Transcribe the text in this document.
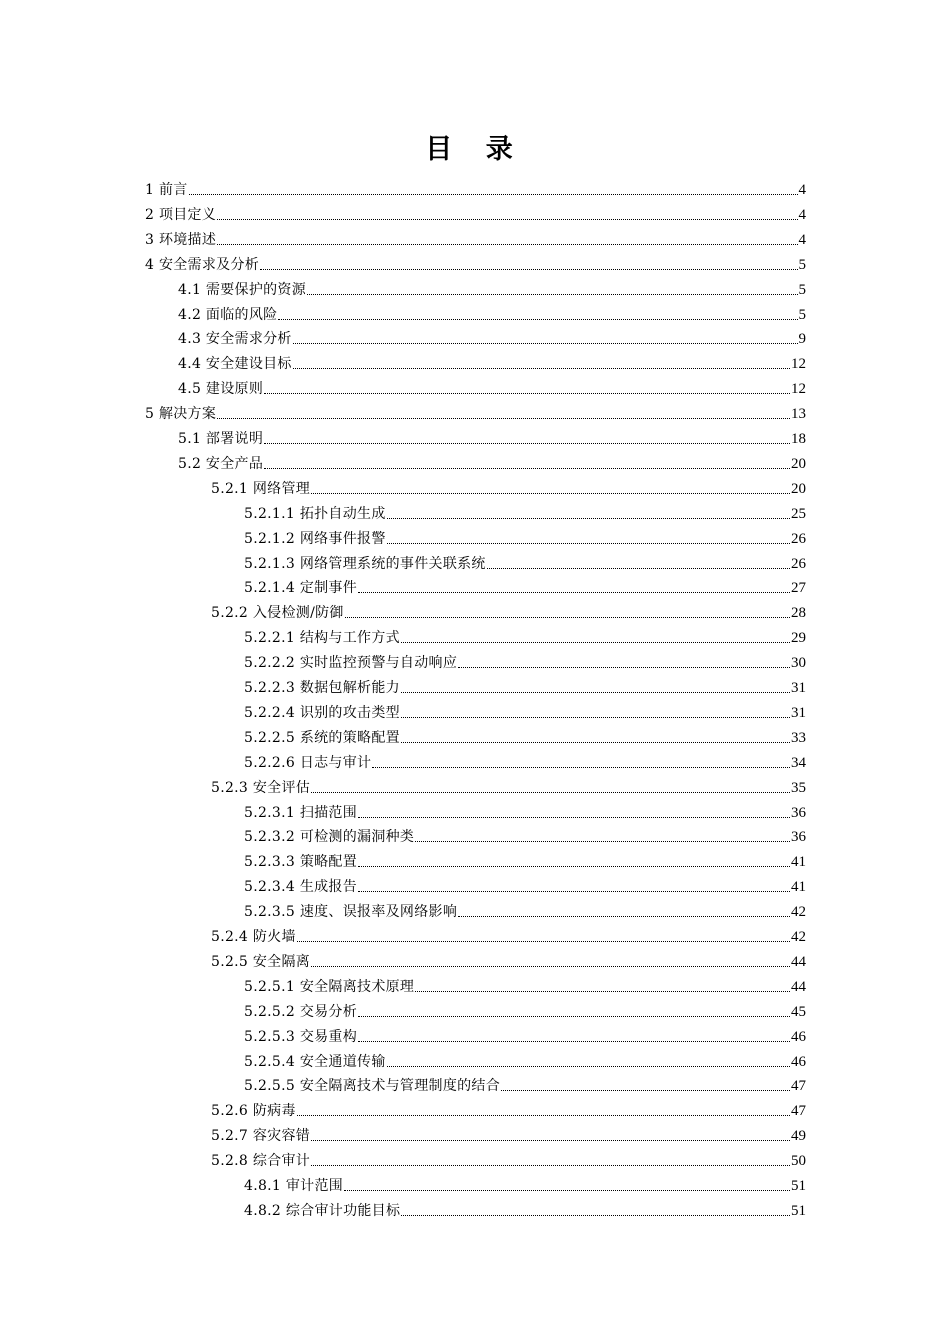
目 录
1 前言	4
2 项目定义	4
3 环境描述	4
4 安全需求及分析	5
4.1 需要保护的资源	5
4.2 面临的风险	5
4.3 安全需求分析	9
4.4 安全建设目标	12
4.5 建设原则	12
5 解决方案	13
5.1 部署说明	18
5.2 安全产品	20
5.2.1 网络管理	20
5.2.1.1 拓扑自动生成	25
5.2.1.2 网络事件报警	26
5.2.1.3 网络管理系统的事件关联系统	26
5.2.1.4 定制事件	27
5.2.2 入侵检测/防御	28
5.2.2.1 结构与工作方式	29
5.2.2.2 实时监控预警与自动响应	30
5.2.2.3 数据包解析能力	31
5.2.2.4 识别的攻击类型	31
5.2.2.5 系统的策略配置	33
5.2.2.6 日志与审计	34
5.2.3 安全评估	35
5.2.3.1 扫描范围	36
5.2.3.2 可检测的漏洞种类	36
5.2.3.3 策略配置	41
5.2.3.4 生成报告	41
5.2.3.5 速度、误报率及网络影响	42
5.2.4 防火墙	42
5.2.5 安全隔离	44
5.2.5.1 安全隔离技术原理	44
5.2.5.2 交易分析	45
5.2.5.3 交易重构	46
5.2.5.4 安全通道传输	46
5.2.5.5 安全隔离技术与管理制度的结合	47
5.2.6 防病毒	47
5.2.7 容灾容错	49
5.2.8 综合审计	50
4.8.1 审计范围	51
4.8.2 综合审计功能目标	51
